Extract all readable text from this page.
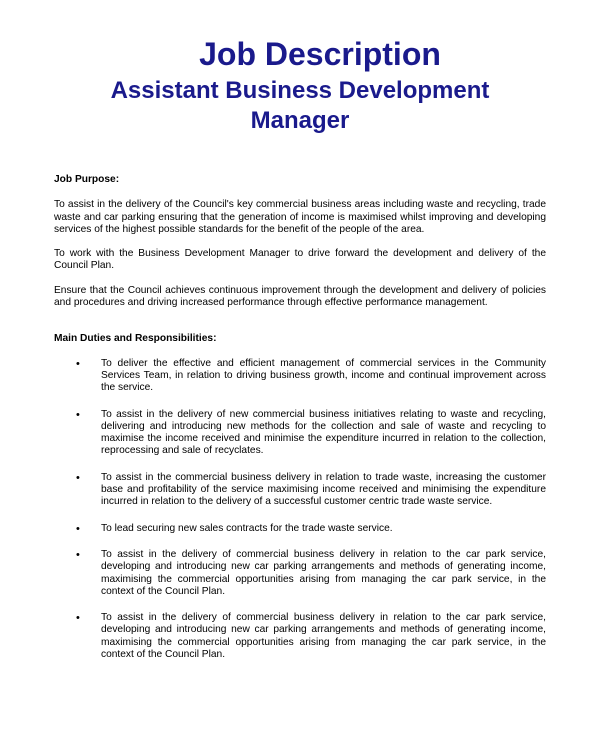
Job Description
Assistant Business Development Manager
Job Purpose:

To assist in the delivery of the Council's key commercial business areas including waste and recycling, trade waste and car parking ensuring that the generation of income is maximised whilst improving and developing services of the highest possible standards for the benefit of the people of the area.

To work with the Business Development Manager to drive forward the development and delivery of the Council Plan.

Ensure that the Council achieves continuous improvement through the development and delivery of policies and procedures and driving increased performance through effective performance management.

Main Duties and Responsibilities:
• To deliver the effective and efficient management of commercial services in the Community Services Team, in relation to driving business growth, income and continual improvement across the service.
• To assist in the delivery of new commercial business initiatives relating to waste and recycling, delivering and introducing new methods for the collection and sale of waste and recycling to maximise the income received and minimise the expenditure incurred in relation to the collection, reprocessing and sale of recyclates.
• To assist in the commercial business delivery in relation to trade waste, increasing the customer base and profitability of the service maximising income received and minimising the expenditure incurred in relation to the delivery of a successful customer centric trade waste service.
• To lead securing new sales contracts for the trade waste service.
• To assist in the delivery of commercial business delivery in relation to the car park service, developing and introducing new car parking arrangements and methods of generating income, maximising the commercial opportunities arising from managing the car park service, in the context of the Council Plan.
• To assist in the delivery of commercial business delivery in relation to the car park service, developing and introducing new car parking arrangements and methods of generating income, maximising the commercial opportunities arising from managing the car park service, in the context of the Council Plan.
